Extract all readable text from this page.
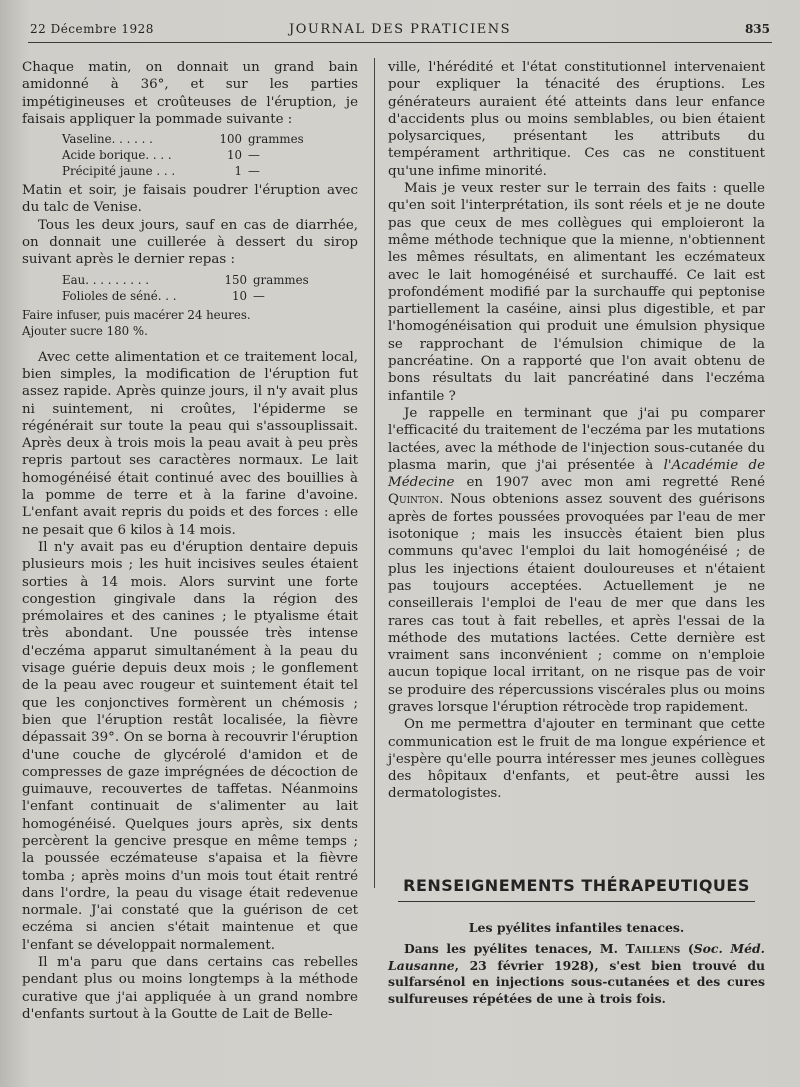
22 Décembre 1928	JOURNAL DES PRATICIENS	835

Chaque matin, on donnait un grand bain amidonné à 36°, et sur les parties impétigineuses et croûteuses de l'éruption, je faisais appliquer la pommade suivante :

Vaseline. . . . . .	100 grammes
Acide borique. . . .	10 —
Précipité jaune . . .	1 —

Matin et soir, je faisais poudrer l'éruption avec du talc de Venise.

Tous les deux jours, sauf en cas de diarrhée, on donnait une cuillerée à dessert du sirop suivant après le dernier repas :

Eau. . . . . . . . .	150 grammes
Folioles de séné. . .	10 —
Faire infuser, puis macérer 24 heures.
Ajouter sucre 180 %.

Avec cette alimentation et ce traitement local, bien simples, la modification de l'éruption fut assez rapide. Après quinze jours, il n'y avait plus ni suintement, ni croûtes, l'épiderme se régénérait sur toute la peau qui s'assouplissait. Après deux à trois mois la peau avait à peu près repris partout ses caractères normaux. Le lait homogénéisé était continué avec des bouillies à la pomme de terre et à la farine d'avoine. L'enfant avait repris du poids et des forces : elle ne pesait que 6 kilos à 14 mois.

Il n'y avait pas eu d'éruption dentaire depuis plusieurs mois ; les huit incisives seules étaient sorties à 14 mois. Alors survint une forte congestion gingivale dans la région des prémolaires et des canines ; le ptyalisme était très abondant. Une poussée très intense d'eczéma apparut simultanément à la peau du visage guérie depuis deux mois ; le gonflement de la peau avec rougeur et suintement était tel que les conjonctives formèrent un chémosis ; bien que l'éruption restât localisée, la fièvre dépassait 39°. On se borna à recouvrir l'éruption d'une couche de glycérolé d'amidon et de compresses de gaze imprégnées de décoction de guimauve, recouvertes de taffetas. Néanmoins l'enfant continuait de s'alimenter au lait homogénéisé. Quelques jours après, six dents percèrent la gencive presque en même temps ; la poussée eczémateuse s'apaisa et la fièvre tomba ; après moins d'un mois tout était rentré dans l'ordre, la peau du visage était redevenue normale. J'ai constaté que la guérison de cet eczéma si ancien s'était maintenue et que l'enfant se développait normalement.

Il m'a paru que dans certains cas rebelles pendant plus ou moins longtemps à la méthode curative que j'ai appliquée à un grand nombre d'enfants surtout à la Goutte de Lait de Belle-

ville, l'hérédité et l'état constitutionnel intervenaient pour expliquer la ténacité des éruptions. Les générateurs auraient été atteints dans leur enfance d'accidents plus ou moins semblables, ou bien étaient polysarciques, présentant les attributs du tempérament arthritique. Ces cas ne constituent qu'une infime minorité.

Mais je veux rester sur le terrain des faits : quelle qu'en soit l'interprétation, ils sont réels et je ne doute pas que ceux de mes collègues qui emploieront la même méthode technique que la mienne, n'obtiennent les mêmes résultats, en alimentant les eczémateux avec le lait homogénéisé et surchauffé. Ce lait est profondément modifié par la surchauffe qui peptonise partiellement la caséine, ainsi plus digestible, et par l'homogénéisation qui produit une émulsion physique se rapprochant de l'émulsion chimique de la pancréatine. On a rapporté que l'on avait obtenu de bons résultats du lait pancréatiné dans l'eczéma infantile ?

Je rappelle en terminant que j'ai pu comparer l'efficacité du traitement de l'eczéma par les mutations lactées, avec la méthode de l'injection sous-cutanée du plasma marin, que j'ai présentée à l'Académie de Médecine en 1907 avec mon ami regretté René Quinton. Nous obtenions assez souvent des guérisons après de fortes poussées provoquées par l'eau de mer isotonique ; mais les insuccès étaient bien plus communs qu'avec l'emploi du lait homogénéisé ; de plus les injections étaient douloureuses et n'étaient pas toujours acceptées. Actuellement je ne conseillerais l'emploi de l'eau de mer que dans les rares cas tout à fait rebelles, et après l'essai de la méthode des mutations lactées. Cette dernière est vraiment sans inconvénient ; comme on n'emploie aucun topique local irritant, on ne risque pas de voir se produire des répercussions viscérales plus ou moins graves lorsque l'éruption rétrocède trop rapidement.

On me permettra d'ajouter en terminant que cette communication est le fruit de ma longue expérience et j'espère qu'elle pourra intéresser mes jeunes collègues des hôpitaux d'enfants, et peut-être aussi les dermatologistes.

RENSEIGNEMENTS THÉRAPEUTIQUES
Les pyélites infantiles tenaces.
Dans les pyélites tenaces, M. Taillens (Soc. Méd. Lausanne, 23 février 1928), s'est bien trouvé du sulfarsénol en injections sous-cutanées et des cures sulfureuses répétées de une à trois fois.
